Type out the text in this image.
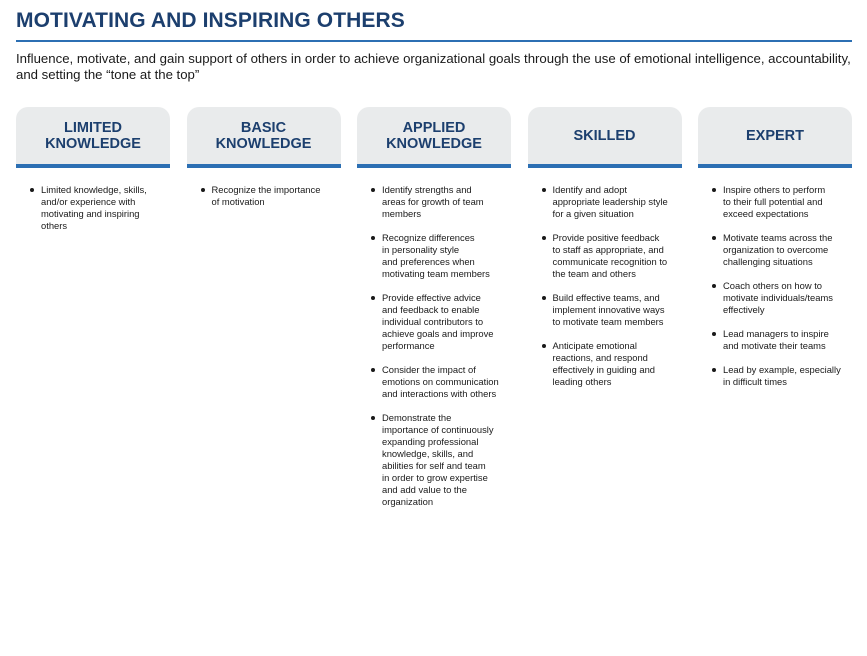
MOTIVATING AND INSPIRING OTHERS

Influence, motivate, and gain support of others in order to achieve organizational goals through the use of emotional intelligence, accountability, and setting the “tone at the top”

LIMITED
KNOWLEDGE
Limited knowledge, skills,
and/or experience with
motivating and inspiring
others
BASIC
KNOWLEDGE
Recognize the importance
of motivation
APPLIED
KNOWLEDGE
Identify strengths and
areas for growth of team
members
Recognize differences
in personality style
and preferences when
motivating team members
Provide effective advice
and feedback to enable
individual contributors to
achieve goals and improve
performance
Consider the impact of
emotions on communication
and interactions with others
Demonstrate the
importance of continuously
expanding professional
knowledge, skills, and
abilities for self and team
in order to grow expertise
and add value to the
organization
SKILLED
Identify and adopt
appropriate leadership style
for a given situation
Provide positive feedback
to staff as appropriate, and
communicate recognition to
the team and others
Build effective teams, and
implement innovative ways
to motivate team members
Anticipate emotional
reactions, and respond
effectively in guiding and
leading others
EXPERT
Inspire others to perform
to their full potential and
exceed expectations
Motivate teams across the
organization to overcome
challenging situations
Coach others on how to
motivate individuals/teams
effectively
Lead managers to inspire
and motivate their teams
Lead by example, especially
in difficult times
